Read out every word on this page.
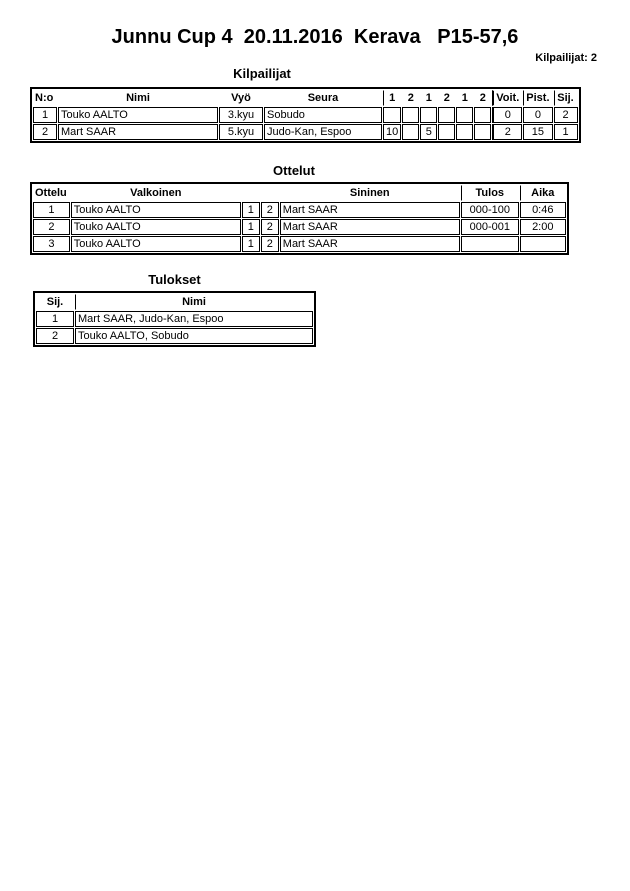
Junnu Cup 4  20.11.2016  Kerava   P15-57,6
Kilpailijat: 2
Kilpailijat
N:o	Nimi	Vyö	Seura	1	2	1	2	1	2	Voit.	Pist.	Sij.
1	Touko AALTO	3.kyu	Sobudo							0	0	2
2	Mart SAAR	5.kyu	Judo-Kan, Espoo	10		5				2	15	1
Ottelut
Ottelu	Valkoinen			Sininen	Tulos	Aika
1	Touko AALTO	1	2	Mart SAAR	000-100	0:46
2	Touko AALTO	1	2	Mart SAAR	000-001	2:00
3	Touko AALTO	1	2	Mart SAAR		
Tulokset
Sij.	Nimi
1	Mart SAAR, Judo-Kan, Espoo
2	Touko AALTO, Sobudo
